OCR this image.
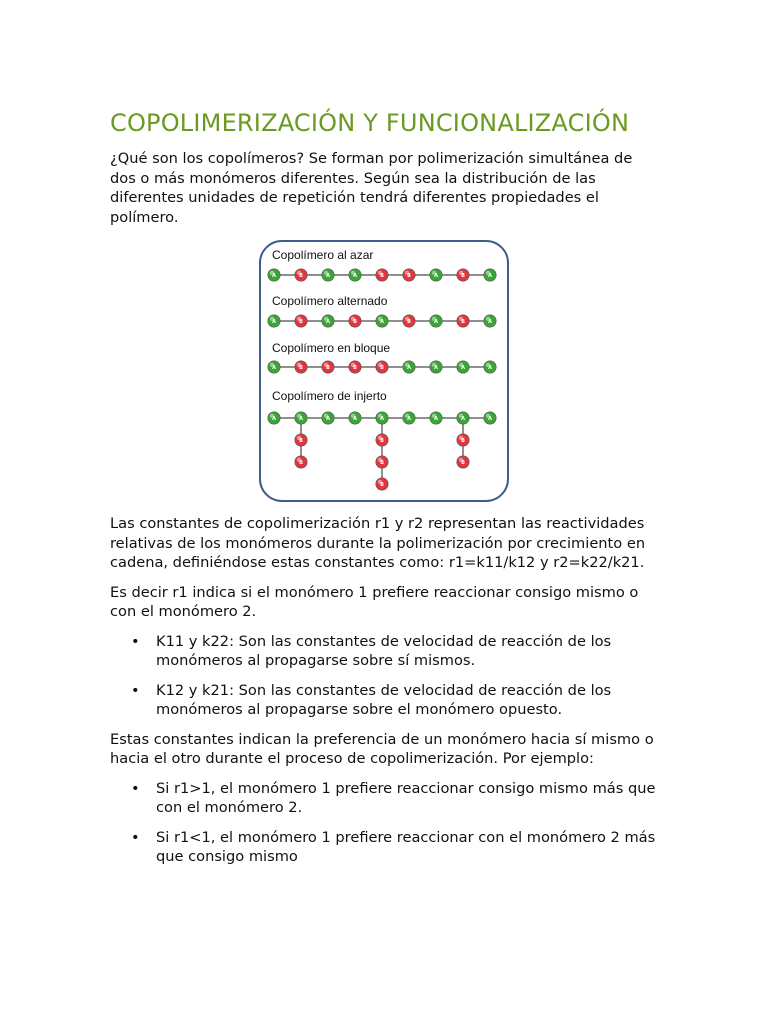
COPOLIMERIZACIÓN Y FUNCIONALIZACIÓN

¿Qué son los copolímeros? Se forman por polimerización simultánea de dos o más monómeros diferentes. Según sea la distribución de las diferentes unidades de repetición tendrá diferentes propiedades el polímero.

Copolímero al azar
A	B	A	A	B	B	A	B	A
Copolímero alternado
A	B	A	B	A	B	A	B	A
Copolímero en bloque
A	B	B	B	B	A	A	A	A
Copolímero de injerto
A	A	A	A	A	A	A	A	A
B
B
B
B
B
B
B

Las constantes de copolimerización r1 y r2 representan las reactividades relativas de los monómeros durante la polimerización por crecimiento en cadena, definiéndose estas constantes como: r1=k11/k12 y r2=k22/k21.

Es decir r1 indica si el monómero 1 prefiere reaccionar consigo mismo o con el monómero 2.

• K11 y k22: Son las constantes de velocidad de reacción de los monómeros al propagarse sobre sí mismos.
• K12 y k21: Son las constantes de velocidad de reacción de los monómeros al propagarse sobre el monómero opuesto.

Estas constantes indican la preferencia de un monómero hacia sí mismo o hacia el otro durante el proceso de copolimerización. Por ejemplo:

• Si r1>1, el monómero 1 prefiere reaccionar consigo mismo más que con el monómero 2.
• Si r1<1, el monómero 1 prefiere reaccionar con el monómero 2 más que consigo mismo
